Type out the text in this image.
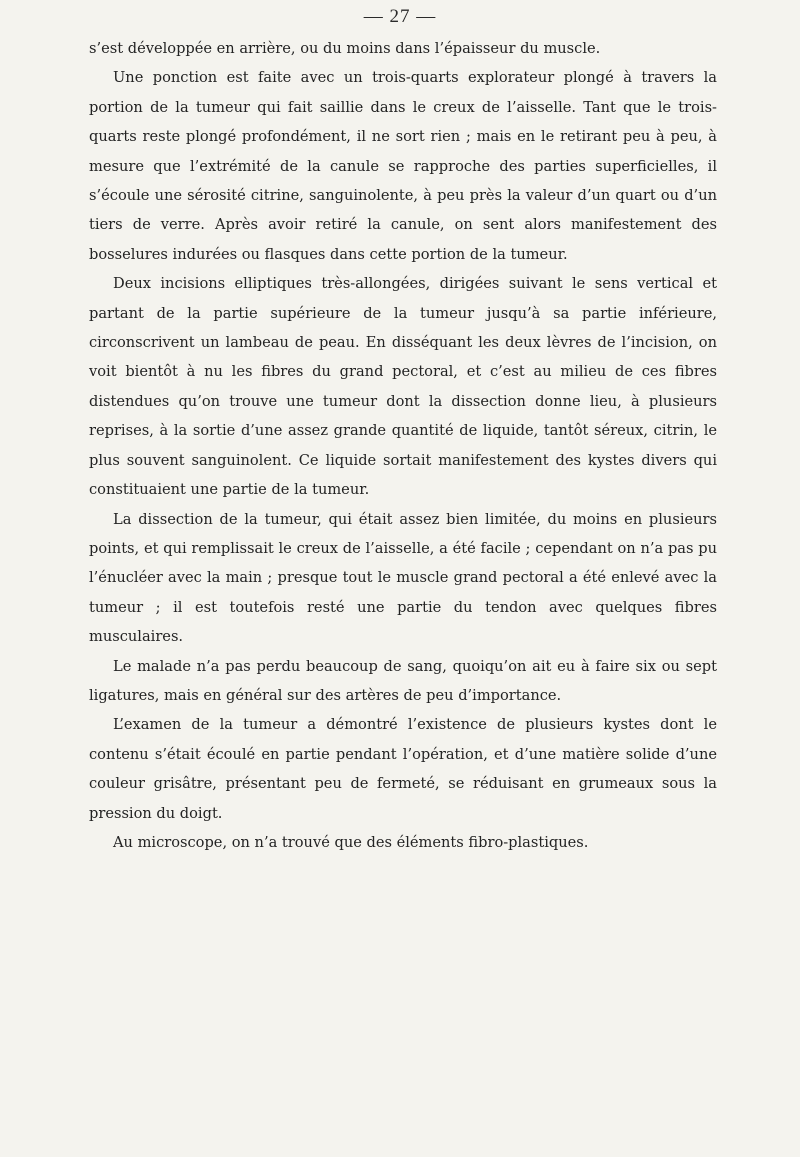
— 27 —

s’est développée en arrière, ou du moins dans l’épaisseur du muscle.

Une ponction est faite avec un trois-quarts explorateur plongé à travers la portion de la tumeur qui fait saillie dans le creux de l’aisselle. Tant que le trois-quarts reste plongé profondément, il ne sort rien ; mais en le retirant peu à peu, à mesure que l’extrémité de la canule se rapproche des parties superficielles, il s’écoule une sérosité citrine, sanguinolente, à peu près la valeur d’un quart ou d’un tiers de verre. Après avoir retiré la canule, on sent alors manifestement des bosselures indurées ou flasques dans cette portion de la tumeur.

Deux incisions elliptiques très-allongées, dirigées suivant le sens vertical et partant de la partie supérieure de la tumeur jusqu’à sa partie inférieure, circonscrivent un lambeau de peau. En disséquant les deux lèvres de l’incision, on voit bientôt à nu les fibres du grand pectoral, et c’est au milieu de ces fibres distendues qu’on trouve une tumeur dont la dissection donne lieu, à plusieurs reprises, à la sortie d’une assez grande quantité de liquide, tantôt séreux, citrin, le plus souvent sanguinolent. Ce liquide sortait manifestement des kystes divers qui constituaient une partie de la tumeur.

La dissection de la tumeur, qui était assez bien limitée, du moins en plusieurs points, et qui remplissait le creux de l’aisselle, a été facile ; cependant on n’a pas pu l’énucléer avec la main ; presque tout le muscle grand pectoral a été enlevé avec la tumeur ; il est toutefois resté une partie du tendon avec quelques fibres musculaires.

Le malade n’a pas perdu beaucoup de sang, quoiqu’on ait eu à faire six ou sept ligatures, mais en général sur des artères de peu d’importance.

L’examen de la tumeur a démontré l’existence de plusieurs kystes dont le contenu s’était écoulé en partie pendant l’opération, et d’une matière solide d’une couleur grisâtre, présentant peu de fermeté, se réduisant en grumeaux sous la pression du doigt.

Au microscope, on n’a trouvé que des éléments fibro-plastiques.
